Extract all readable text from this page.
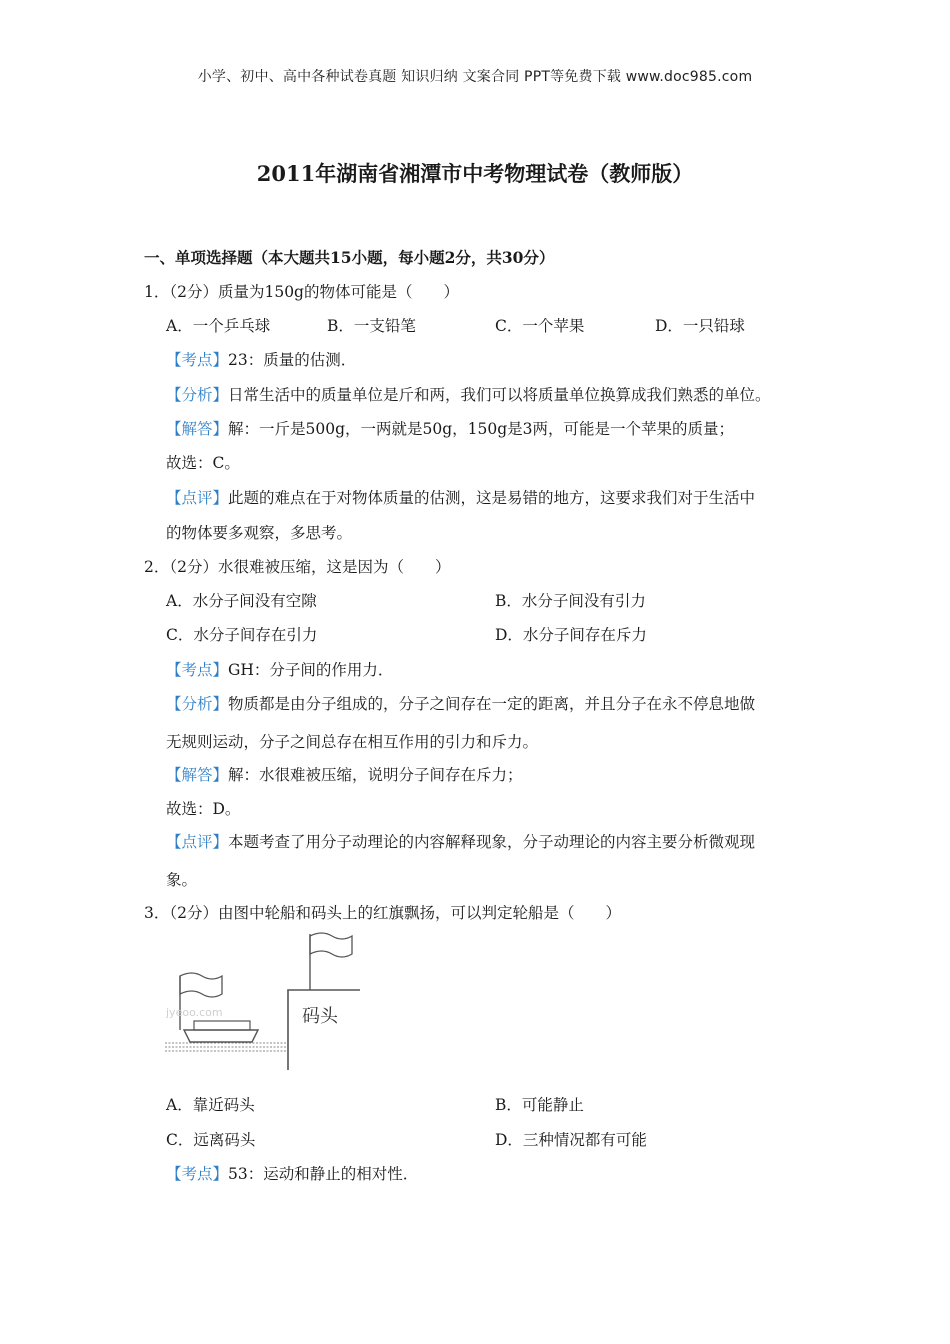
小学、初中、高中各种试卷真题 知识归纳 文案合同 PPT等免费下载 www.doc985.com
2011年湖南省湘潭市中考物理试卷（教师版）
一、单项选择题（本大题共15小题，每小题2分，共30分）
1．（2分）质量为150g的物体可能是（　　）
A．一个乒乓球	B．一支铅笔	C．一个苹果	D．一只铅球
【考点】23：质量的估测．
【分析】日常生活中的质量单位是斤和两，我们可以将质量单位换算成我们熟悉的单位。
【解答】解：一斤是500g，一两就是50g，150g是3两，可能是一个苹果的质量；
故选：C。
【点评】此题的难点在于对物体质量的估测，这是易错的地方，这要求我们对于生活中
的物体要多观察，多思考。
2．（2分）水很难被压缩，这是因为（　　）
A．水分子间没有空隙	B．水分子间没有引力
C．水分子间存在引力	D．水分子间存在斥力
【考点】GH：分子间的作用力．
【分析】物质都是由分子组成的，分子之间存在一定的距离，并且分子在永不停息地做
无规则运动，分子之间总存在相互作用的引力和斥力。
【解答】解：水很难被压缩，说明分子间存在斥力；
故选：D。
【点评】本题考查了用分子动理论的内容解释现象，分子动理论的内容主要分析微观现
象。
3．（2分）由图中轮船和码头上的红旗飘扬，可以判定轮船是（　　）
jyeoo.com	码头
A．靠近码头	B．可能静止
C．远离码头	D．三种情况都有可能
【考点】53：运动和静止的相对性．
